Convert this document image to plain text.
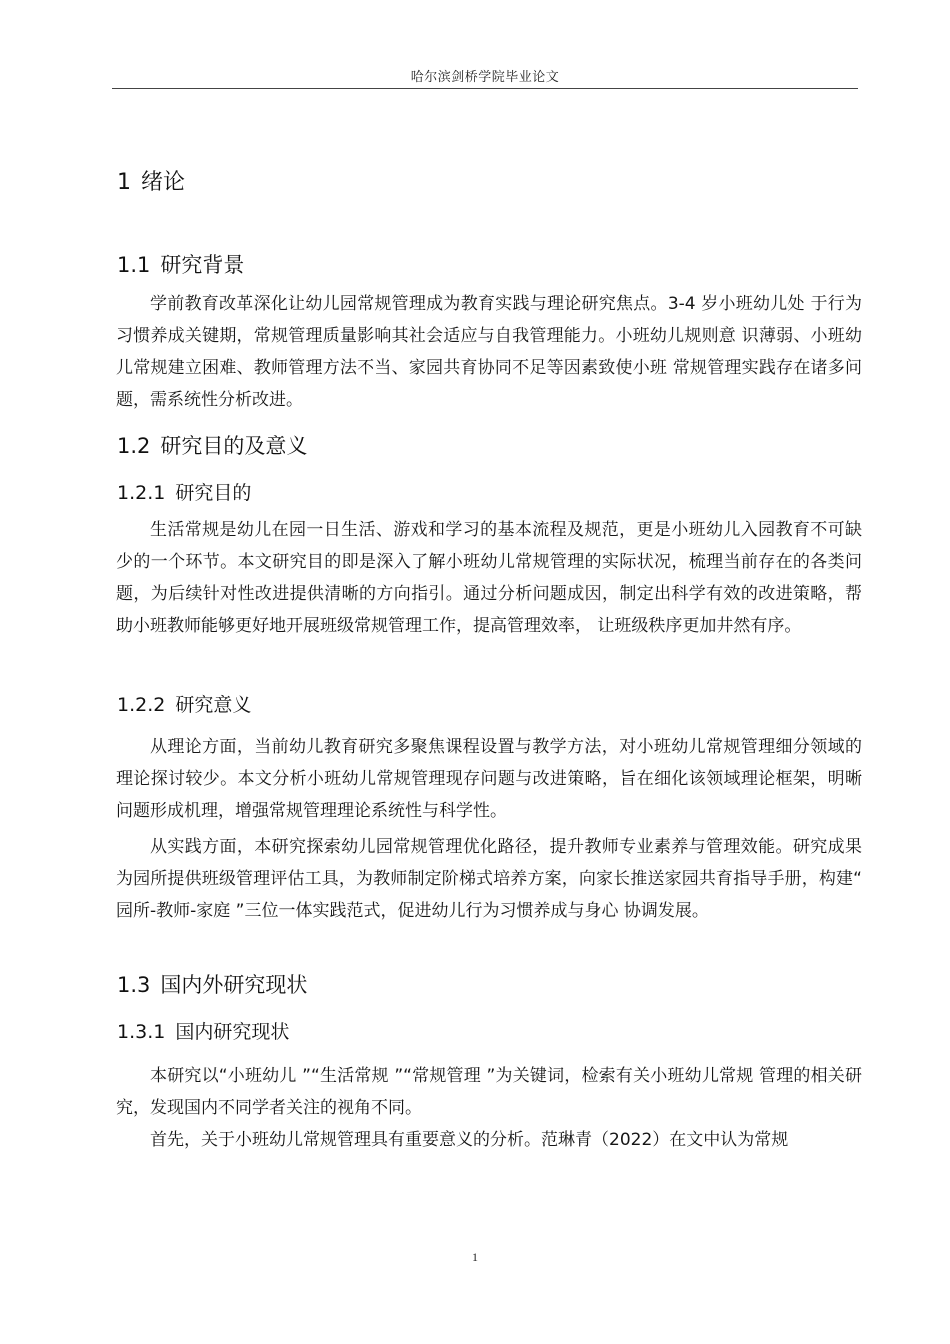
哈尔滨剑桥学院毕业论文
1 绪论
1.1 研究背景

学前教育改革深化让幼儿园常规管理成为教育实践与理论研究焦点。3-4 岁小班幼儿处 于行为习惯养成关键期，常规管理质量影响其社会适应与自我管理能力。小班幼儿规则意 识薄弱、小班幼儿常规建立困难、教师管理方法不当、家园共育协同不足等因素致使小班 常规管理实践存在诸多问题，需系统性分析改进。

1.2 研究目的及意义
1.2.1 研究目的

生活常规是幼儿在园一日生活、游戏和学习的基本流程及规范，更是小班幼儿入园教育不可缺少的一个环节。本文研究目的即是深入了解小班幼儿常规管理的实际状况，梳理当前存在的各类问题，为后续针对性改进提供清晰的方向指引。通过分析问题成因，制定出科学有效的改进策略，帮助小班教师能够更好地开展班级常规管理工作，提高管理效率， 让班级秩序更加井然有序。

1.2.2 研究意义

从理论方面，当前幼儿教育研究多聚焦课程设置与教学方法，对小班幼儿常规管理细分领域的理论探讨较少。本文分析小班幼儿常规管理现存问题与改进策略，旨在细化该领域理论框架，明晰问题形成机理，增强常规管理理论系统性与科学性。

从实践方面，本研究探索幼儿园常规管理优化路径，提升教师专业素养与管理效能。研究成果为园所提供班级管理评估工具，为教师制定阶梯式培养方案，向家长推送家园共育指导手册，构建“ 园所-教师-家庭 ”三位一体实践范式，促进幼儿行为习惯养成与身心 协调发展。

1.3 国内外研究现状
1.3.1 国内研究现状

本研究以“小班幼儿 ”“生活常规 ”“常规管理 ”为关键词，检索有关小班幼儿常规 管理的相关研究，发现国内不同学者关注的视角不同。

首先，关于小班幼儿常规管理具有重要意义的分析。范琳青（2022）在文中认为常规

1
